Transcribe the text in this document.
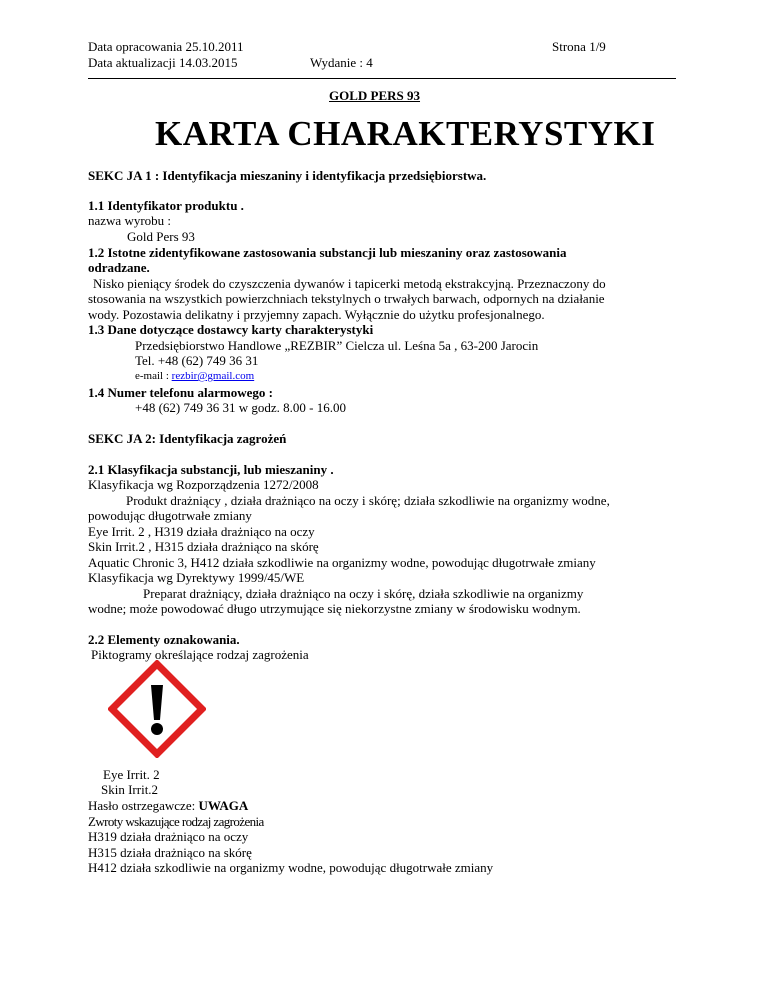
Data opracowania 25.10.2011
Data aktualizacji 14.03.2015	Wydanie : 4
Strona 1/9
GOLD PERS 93
KARTA CHARAKTERYSTYKI
SEKC JA 1 : Identyfikacja mieszaniny i identyfikacja przedsiębiorstwa.
1.1 Identyfikator produktu .
nazwa wyrobu :
Gold Pers 93
1.2 Istotne zidentyfikowane zastosowania substancji lub mieszaniny oraz zastosowania
odradzane.
Nisko pieniący środek do czyszczenia dywanów i tapicerki metodą ekstrakcyjną. Przeznaczony do
stosowania na wszystkich powierzchniach tekstylnych o trwałych barwach, odpornych na działanie
wody. Pozostawia delikatny i przyjemny zapach. Wyłącznie do użytku profesjonalnego.
1.3 Dane dotyczące dostawcy karty charakterystyki
Przedsiębiorstwo Handlowe „REZBIR” Cielcza ul. Leśna 5a , 63-200 Jarocin
Tel. +48 (62) 749 36 31
e-mail : rezbir@gmail.com
1.4 Numer telefonu alarmowego :
+48 (62) 749 36 31 w godz. 8.00 - 16.00
SEKC JA 2: Identyfikacja zagrożeń
2.1 Klasyfikacja substancji, lub mieszaniny .
Klasyfikacja wg Rozporządzenia 1272/2008
Produkt drażniący , działa drażniąco na oczy i skórę; działa szkodliwie na organizmy wodne,
powodując długotrwałe zmiany
Eye Irrit. 2 , H319 działa drażniąco na oczy
Skin Irrit.2 , H315 działa drażniąco na skórę
Aquatic Chronic 3, H412 działa szkodliwie na organizmy wodne, powodując długotrwałe zmiany
Klasyfikacja wg Dyrektywy 1999/45/WE
Preparat drażniący, działa drażniąco na oczy i skórę, działa szkodliwie na organizmy
wodne; może powodować długo utrzymujące się niekorzystne zmiany w środowisku wodnym.
2.2 Elementy oznakowania.
Piktogramy określające rodzaj zagrożenia
Eye Irrit. 2
Skin Irrit.2
Hasło ostrzegawcze: UWAGA
Zwroty wskazujące rodzaj zagrożenia
H319 działa drażniąco na oczy
H315 działa drażniąco na skórę
H412 działa szkodliwie na organizmy wodne, powodując długotrwałe zmiany
